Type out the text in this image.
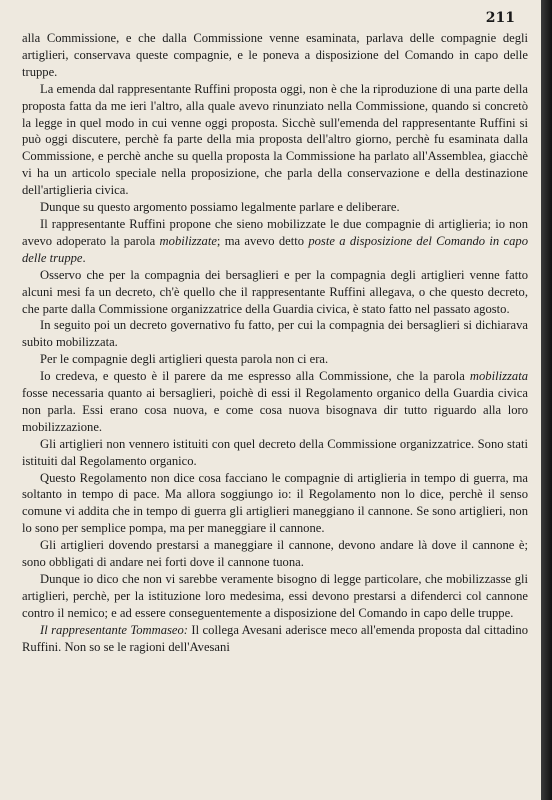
211

alla Commissione, e che dalla Commissione venne esaminata, parlava delle compagnie degli artiglieri, conservava queste compagnie, e le poneva a disposizione del Comando in capo delle truppe.

La emenda dal rappresentante Ruffini proposta oggi, non è che la riproduzione di una parte della proposta fatta da me ieri l'altro, alla quale avevo rinunziato nella Commissione, quando si concretò la legge in quel modo in cui venne oggi proposta. Sicchè sull'emenda del rappresentante Ruffini si può oggi discutere, perchè fa parte della mia proposta dell'altro giorno, perchè fu esaminata dalla Commissione, e perchè anche su quella proposta la Commissione ha parlato all'Assemblea, giacchè vi ha un articolo speciale nella proposizione, che parla della conservazione e della destinazione dell'artiglieria civica.

Dunque su questo argomento possiamo legalmente parlare e deliberare.

Il rappresentante Ruffini propone che sieno mobilizzate le due compagnie di artiglieria; io non avevo adoperato la parola mobilizzate; ma avevo detto poste a disposizione del Comando in capo delle truppe.

Osservo che per la compagnia dei bersaglieri e per la compagnia degli artiglieri venne fatto alcuni mesi fa un decreto, ch'è quello che il rappresentante Ruffini allegava, o che questo decreto, che parte dalla Commissione organizzatrice della Guardia civica, è stato fatto nel passato agosto.

In seguito poi un decreto governativo fu fatto, per cui la compagnia dei bersaglieri si dichiarava subito mobilizzata.

Per le compagnie degli artiglieri questa parola non ci era.

Io credeva, e questo è il parere da me espresso alla Commissione, che la parola mobilizzata fosse necessaria quanto ai bersaglieri, poichè di essi il Regolamento organico della Guardia civica non parla. Essi erano cosa nuova, e come cosa nuova bisognava dir tutto riguardo alla loro mobilizzazione.

Gli artiglieri non vennero istituiti con quel decreto della Commissione organizzatrice. Sono stati istituiti dal Regolamento organico.

Questo Regolamento non dice cosa facciano le compagnie di artiglieria in tempo di guerra, ma soltanto in tempo di pace. Ma allora soggiungo io: il Regolamento non lo dice, perchè il senso comune vi addita che in tempo di guerra gli artiglieri maneggiano il cannone. Se sono artiglieri, non lo sono per semplice pompa, ma per maneggiare il cannone.

Gli artiglieri dovendo prestarsi a maneggiare il cannone, devono andare là dove il cannone è; sono obbligati di andare nei forti dove il cannone tuona.

Dunque io dico che non vi sarebbe veramente bisogno di legge particolare, che mobilizzasse gli artiglieri, perchè, per la istituzione loro medesima, essi devono prestarsi a difenderci col cannone contro il nemico; e ad essere conseguentemente a disposizione del Comando in capo delle truppe.

Il rappresentante Tommaseo: Il collega Avesani aderisce meco all'emenda proposta dal cittadino Ruffini. Non so se le ragioni dell'Avesani
